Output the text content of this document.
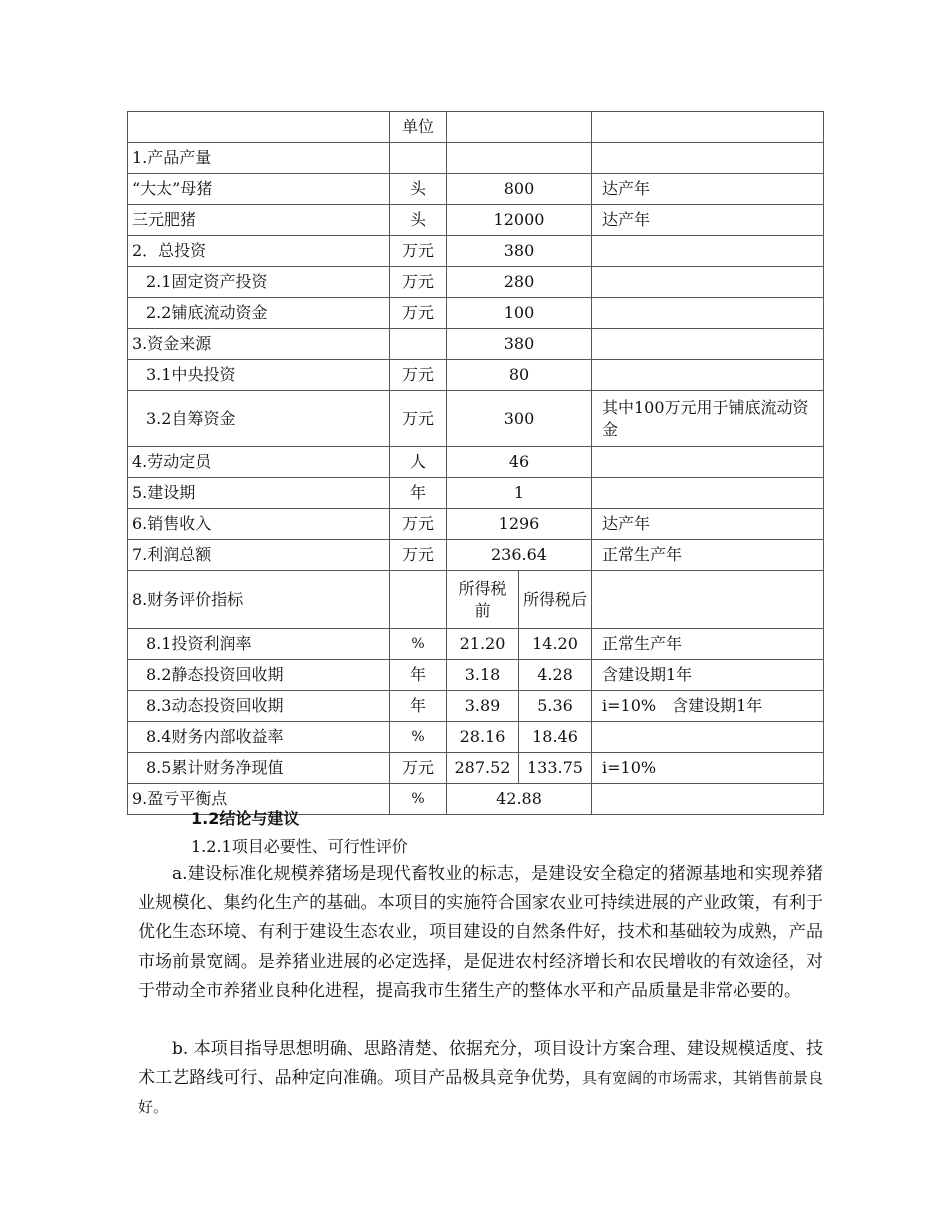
	单位			
1.产品产量				
“大太”母猪	头	800		达产年
三元肥猪	头	12000		达产年
2．总投资	万元	380		
2.1固定资产投资	万元	280		
2.2铺底流动资金	万元	100		
3.资金来源		380		
3.1中央投资	万元	80		
3.2自筹资金	万元	300		其中100万元用于铺底流动资金
4.劳动定员	人	46		
5.建设期	年	1		
6.销售收入	万元	1296		达产年
7.利润总额	万元	236.64		正常生产年
8.财务评价指标		所得税前	所得税后	
8.1投资利润率	%	21.20	14.20	正常生产年
8.2静态投资回收期	年	3.18	4.28	含建设期1年
8.3动态投资回收期	年	3.89	5.36	i=10%　含建设期1年
8.4财务内部收益率	%	28.16	18.46	
8.5累计财务净现值	万元	287.52	133.75	i=10%
9.盈亏平衡点	%	42.88		
1.2结论与建议
1.2.1项目必要性、可行性评价

a.建设标准化规模养猪场是现代畜牧业的标志，是建设安全稳定的猪源基地和实现养猪业规模化、集约化生产的基础。本项目的实施符合国家农业可持续进展的产业政策，有利于优化生态环境、有利于建设生态农业，项目建设的自然条件好，技术和基础较为成熟，产品市场前景宽阔。是养猪业进展的必定选择，是促进农村经济增长和农民增收的有效途径，对于带动全市养猪业良种化进程，提高我市生猪生产的整体水平和产品质量是非常必要的。

b. 本项目指导思想明确、思路清楚、依据充分，项目设计方案合理、建设规模适度、技术工艺路线可行、品种定向准确。项目产品极具竞争优势，具有宽阔的市场需求，其销售前景良好。
